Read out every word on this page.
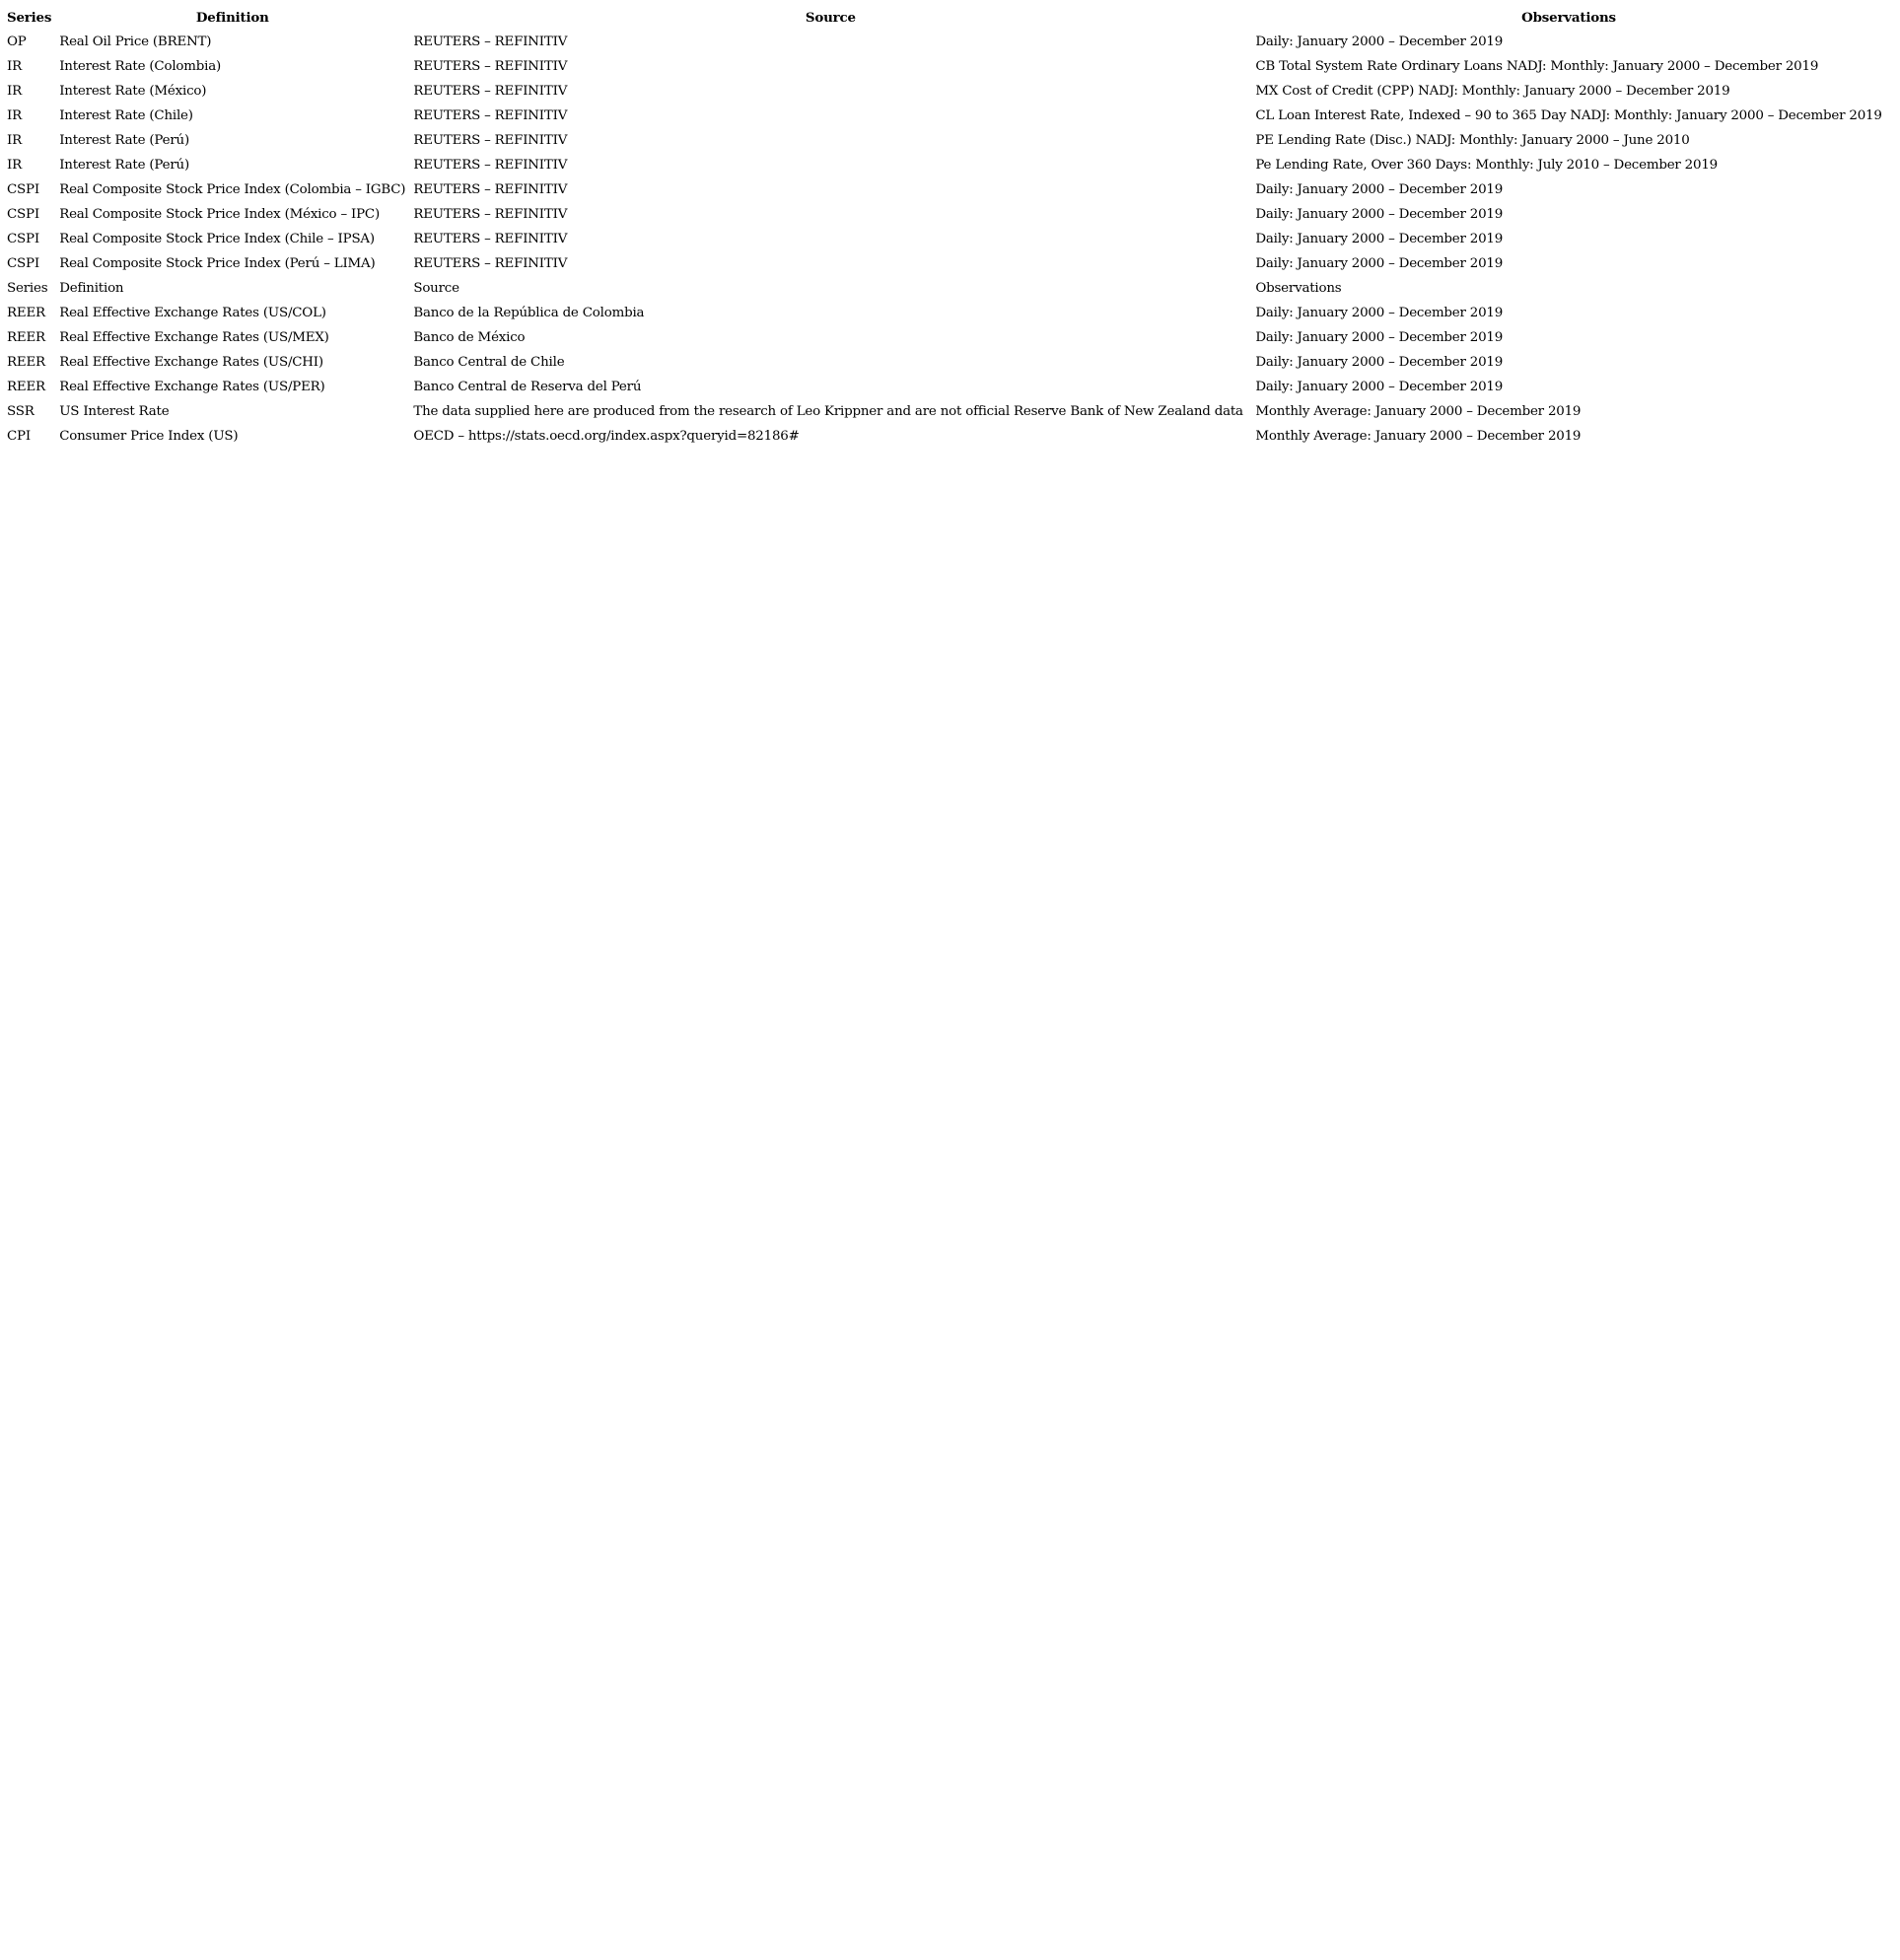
Series	Definition	Source	Observations
OP	Real Oil Price (BRENT)	REUTERS – REFINITIV	Daily: January 2000 – December 2019
IR	Interest Rate (Colombia)	REUTERS – REFINITIV	CB Total System Rate Ordinary Loans NADJ: Monthly: January 2000 – December 2019
IR	Interest Rate (México)	REUTERS – REFINITIV	MX Cost of Credit (CPP) NADJ: Monthly: January 2000 – December 2019
IR	Interest Rate (Chile)	REUTERS – REFINITIV	CL Loan Interest Rate, Indexed – 90 to 365 Day NADJ: Monthly: January 2000 – December 2019
IR	Interest Rate (Perú)	REUTERS – REFINITIV	PE Lending Rate (Disc.) NADJ: Monthly: January 2000 – June 2010
IR	Interest Rate (Perú)	REUTERS – REFINITIV	Pe Lending Rate, Over 360 Days: Monthly: July 2010 – December 2019
CSPI	Real Composite Stock Price Index (Colombia – IGBC)	REUTERS – REFINITIV	Daily: January 2000 – December 2019
CSPI	Real Composite Stock Price Index (México – IPC)	REUTERS – REFINITIV	Daily: January 2000 – December 2019
CSPI	Real Composite Stock Price Index (Chile – IPSA)	REUTERS – REFINITIV	Daily: January 2000 – December 2019
CSPI	Real Composite Stock Price Index (Perú – LIMA)	REUTERS – REFINITIV	Daily: January 2000 – December 2019
Series	Definition	Source	Observations
REER	Real Effective Exchange Rates (US/COL)	Banco de la República de Colombia	Daily: January 2000 – December 2019
REER	Real Effective Exchange Rates (US/MEX)	Banco de México	Daily: January 2000 – December 2019
REER	Real Effective Exchange Rates (US/CHI)	Banco Central de Chile	Daily: January 2000 – December 2019
REER	Real Effective Exchange Rates (US/PER)	Banco Central de Reserva del Perú	Daily: January 2000 – December 2019
SSR	US Interest Rate	The data supplied here are produced from the research of Leo Krippner and are not official Reserve Bank of New Zealand data	Monthly Average: January 2000 – December 2019
CPI	Consumer Price Index (US)	OECD – https://stats.oecd.org/index.aspx?queryid=82186#	Monthly Average: January 2000 – December 2019
